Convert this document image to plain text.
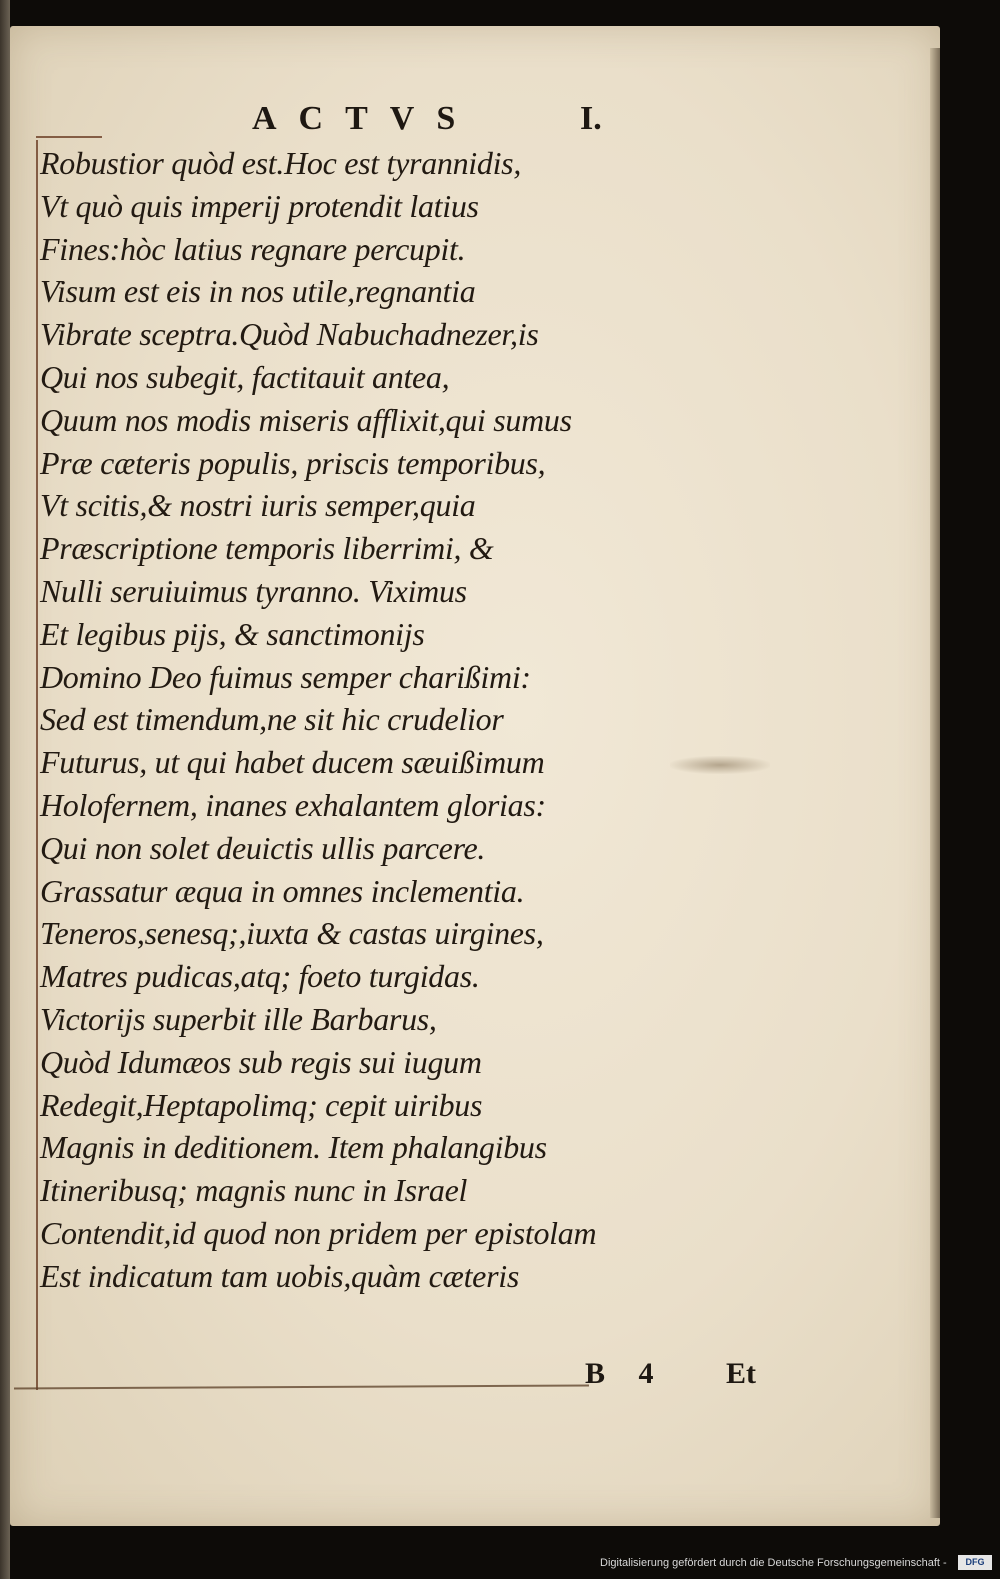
ACTVS	I.
Robustior quòd est.Hoc est tyrannidis,
Vt quò quis imperij protendit latius
Fines:hòc latius regnare percupit.
Visum est eis in nos utile,regnantia
Vibrate sceptra.Quòd Nabuchadnezer,is
Qui nos subegit, factitauit antea,
Quum nos modis miseris afflixit,qui sumus
Præ cæteris populis, priscis temporibus,
Vt scitis,& nostri iuris semper,quia
Præscriptione temporis liberrimi, &
Nulli seruiuimus tyranno. Viximus
Et legibus pijs, & sanctimonijs
Domino Deo fuimus semper charißimi:
Sed est timendum,ne sit hic crudelior
Futurus, ut qui habet ducem sæuißimum
Holofernem, inanes exhalantem glorias:
Qui non solet deuictis ullis parcere.
Grassatur æqua in omnes inclementia.
Teneros,senesq;,iuxta & castas uirgines,
Matres pudicas,atq; foeto turgidas.
Victorijs superbit ille Barbarus,
Quòd Idumæos sub regis sui iugum
Redegit,Heptapolimq; cepit uiribus
Magnis in deditionem. Item phalangibus
Itineribusq; magnis nunc in Israel
Contendit,id quod non pridem per epistolam
Est indicatum tam uobis,quàm cæteris
B 4 Et
Digitalisierung gefördert durch die Deutsche Forschungsgemeinschaft -	DFG
